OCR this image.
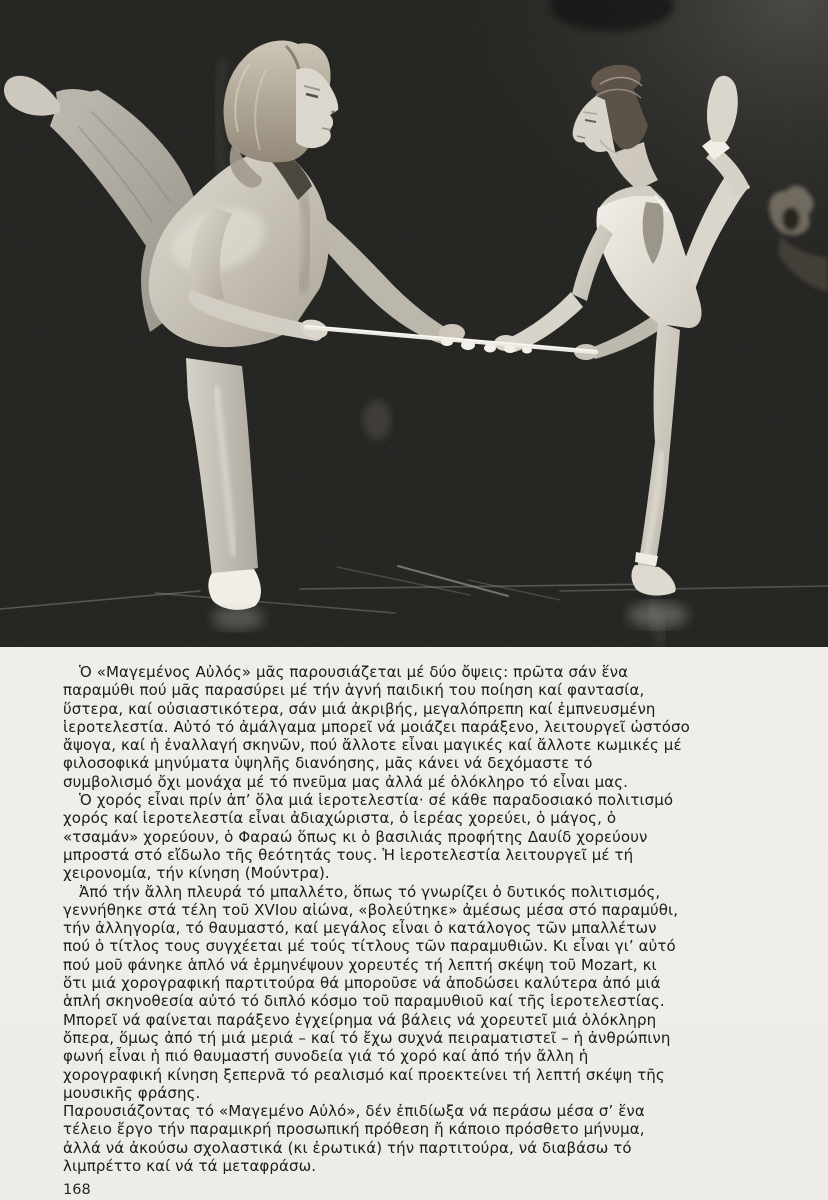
Ὁ «Μαγεμένος Αὐλός» μᾶς παρουσιάζεται μέ δύο ὄψεις: πρῶτα σάν ἕνα
παραμύθι πού μᾶς παρασύρει μέ τήν ἁγνή παιδική του ποίηση καί φαντασία,
ὕστερα, καί οὐσιαστικότερα, σάν μιά ἀκριβής, μεγαλόπρεπη καί ἐμπνευσμένη
ἱεροτελεστία. Αὐτό τό ἀμάλγαμα μπορεῖ νά μοιάζει παράξενο, λειτουργεῖ ὡστόσο
ἄψογα, καί ἡ ἐναλλαγή σκηνῶν, πού ἄλλοτε εἶναι μαγικές καί ἄλλοτε κωμικές μέ
φιλοσοφικά μηνύματα ὑψηλῆς διανόησης, μᾶς κάνει νά δεχόμαστε τό
συμβολισμό ὄχι μονάχα μέ τό πνεῦμα μας ἀλλά μέ ὁλόκληρο τό εἶναι μας.
Ὁ χορός εἶναι πρίν ἀπ’ ὅλα μιά ἱεροτελεστία· σέ κάθε παραδοσιακό πολιτισμό
χορός καί ἱεροτελεστία εἶναι ἀδιαχώριστα, ὁ ἱερέας χορεύει, ὁ μάγος, ὁ
«τσαμάν» χορεύουν, ὁ Φαραώ ὅπως κι ὁ βασιλιάς προφήτης Δαυίδ χορεύουν
μπροστά στό εἴδωλο τῆς θεότητάς τους. Ἡ ἱεροτελεστία λειτουργεῖ μέ τή
χειρονομία, τήν κίνηση (Μούντρα).
Ἀπό τήν ἄλλη πλευρά τό μπαλλέτο, ὅπως τό γνωρίζει ὁ δυτικός πολιτισμός,
γεννήθηκε στά τέλη τοῦ XVIου αἰώνα, «βολεύτηκε» ἀμέσως μέσα στό παραμύθι,
τήν ἀλληγορία, τό θαυμαστό, καί μεγάλος εἶναι ὁ κατάλογος τῶν μπαλλέτων
πού ὁ τίτλος τους συγχέεται μέ τούς τίτλους τῶν παραμυθιῶν. Κι εἶναι γι’ αὐτό
πού μοῦ φάνηκε ἁπλό νά ἑρμηνέψουν χορευτές τή λεπτή σκέψη τοῦ Mozart, κι
ὅτι μιά χορογραφική παρτιτούρα θά μποροῦσε νά ἀποδώσει καλύτερα ἀπό μιά
ἁπλή σκηνοθεσία αὐτό τό διπλό κόσμο τοῦ παραμυθιοῦ καί τῆς ἱεροτελεστίας.
Μπορεῖ νά φαίνεται παράξενο ἐγχείρημα νά βάλεις νά χορευτεῖ μιά ὁλόκληρη
ὄπερα, ὅμως ἀπό τή μιά μεριά – καί τό ἔχω συχνά πειραματιστεῖ – ἡ ἀνθρώπινη
φωνή εἶναι ἡ πιό θαυμαστή συνοδεία γιά τό χορό καί ἀπό τήν ἄλλη ἡ
χορογραφική κίνηση ξεπερνᾶ τό ρεαλισμό καί προεκτείνει τή λεπτή σκέψη τῆς
μουσικῆς φράσης.
Παρουσιάζοντας τό «Μαγεμένο Αὐλό», δέν ἐπιδίωξα νά περάσω μέσα σ’ ἕνα
τέλειο ἔργο τήν παραμικρή προσωπική πρόθεση ἤ κάποιο πρόσθετο μήνυμα,
ἀλλά νά ἀκούσω σχολαστικά (κι ἐρωτικά) τήν παρτιτούρα, νά διαβάσω τό
λιμπρέττο καί νά τά μεταφράσω.
168
